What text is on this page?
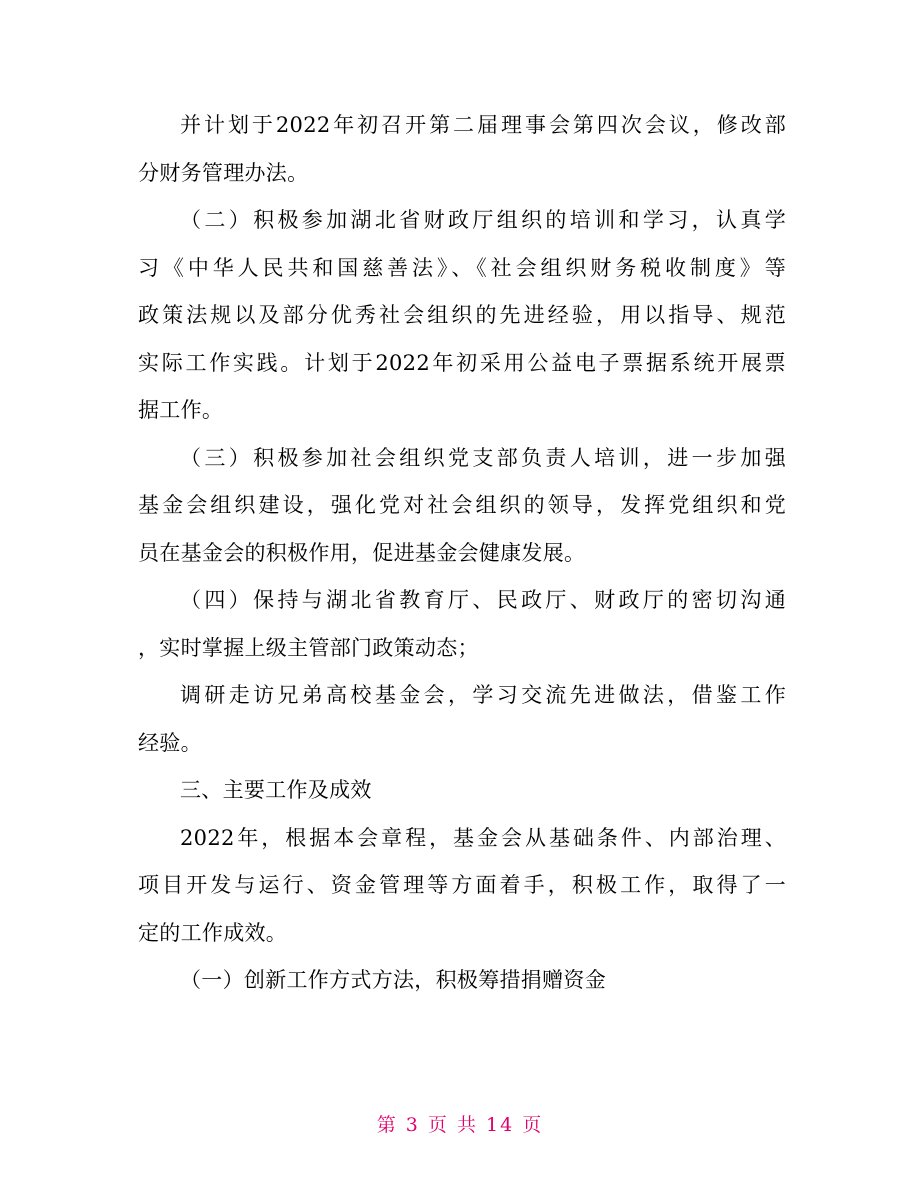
并计划于2022年初召开第二届理事会第四次会议，修改部
分财务管理办法。
（二）积极参加湖北省财政厅组织的培训和学习，认真学
习《中华人民共和国慈善法》、《社会组织财务税收制度》等
政策法规以及部分优秀社会组织的先进经验，用以指导、规范
实际工作实践。计划于2022年初采用公益电子票据系统开展票
据工作。
（三）积极参加社会组织党支部负责人培训，进一步加强
基金会组织建设，强化党对社会组织的领导，发挥党组织和党
员在基金会的积极作用，促进基金会健康发展。
（四）保持与湖北省教育厅、民政厅、财政厅的密切沟通
，实时掌握上级主管部门政策动态；
调研走访兄弟高校基金会，学习交流先进做法，借鉴工作
经验。
三、主要工作及成效
2022年，根据本会章程，基金会从基础条件、内部治理、
项目开发与运行、资金管理等方面着手，积极工作，取得了一
定的工作成效。
（一）创新工作方式方法，积极筹措捐赠资金
第 3 页 共 14 页
